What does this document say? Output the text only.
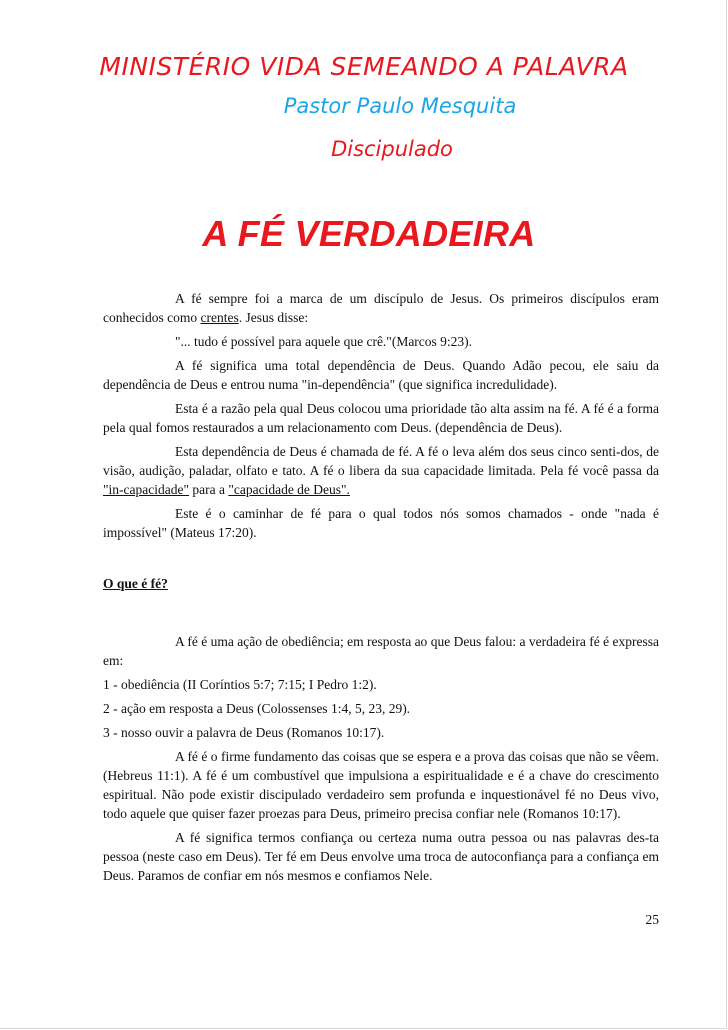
MINISTÉRIO VIDA SEMEANDO A PALAVRA
Pastor Paulo Mesquita
Discipulado
A FÉ VERDADEIRA

A fé sempre foi a marca de um discípulo de Jesus. Os primeiros discípulos eram conhecidos como crentes. Jesus disse:

"... tudo é possível para aquele que crê."(Marcos 9:23).

A fé significa uma total dependência de Deus. Quando Adão pecou, ele saiu da dependência de Deus e entrou numa "in-dependência" (que significa incredulidade).

Esta é a razão pela qual Deus colocou uma prioridade tão alta assim na fé. A fé é a forma pela qual fomos restaurados a um relacionamento com Deus. (dependência de Deus).

Esta dependência de Deus é chamada de fé. A fé o leva além dos seus cinco senti-dos, de visão, audição, paladar, olfato e tato. A fé o libera da sua capacidade limitada. Pela fé você passa da "in-capacidade" para a "capacidade de Deus".

Este é o caminhar de fé para o qual todos nós somos chamados - onde "nada é impossível" (Mateus 17:20).

O que é fé?

A fé é uma ação de obediência; em resposta ao que Deus falou: a verdadeira fé é expressa em:

1 - obediência (II Coríntios 5:7; 7:15; I Pedro 1:2).

2 - ação em resposta a Deus (Colossenses 1:4, 5, 23, 29).

3 - nosso ouvir a palavra de Deus (Romanos 10:17).

A fé é o firme fundamento das coisas que se espera e a prova das coisas que não se vêem. (Hebreus 11:1). A fé é um combustível que impulsiona a espiritualidade e é a chave do crescimento espiritual. Não pode existir discipulado verdadeiro sem profunda e inquestionável fé no Deus vivo, todo aquele que quiser fazer proezas para Deus, primeiro precisa confiar nele (Romanos 10:17).

A fé significa termos confiança ou certeza numa outra pessoa ou nas palavras des-ta pessoa (neste caso em Deus). Ter fé em Deus envolve uma troca de autoconfiança para a confiança em Deus. Paramos de confiar em nós mesmos e confiamos Nele.

25
